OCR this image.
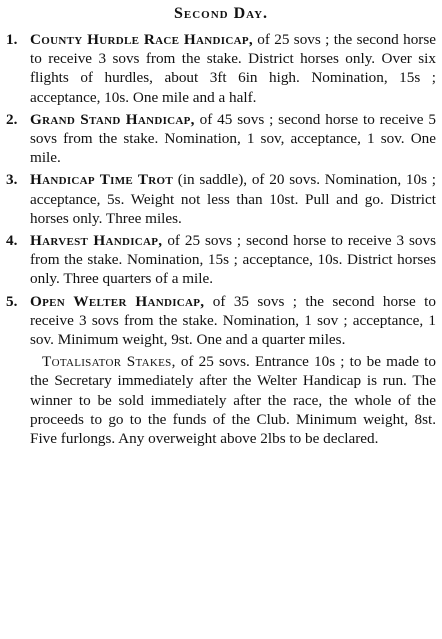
Second Day.

1. County Hurdle Race Handicap, of 25 sovs ; the second horse to receive 3 sovs from the stake. District horses only. Over six flights of hurdles, about 3ft 6in high. Nomination, 15s ; acceptance, 10s. One mile and a half.

2. Grand Stand Handicap, of 45 sovs ; second horse to receive 5 sovs from the stake. Nomination, 1 sov, acceptance, 1 sov. One mile.

3. Handicap Time Trot (in saddle), of 20 sovs. Nomination, 10s ; acceptance, 5s. Weight not less than 10st. Pull and go. District horses only. Three miles.

4. Harvest Handicap, of 25 sovs ; second horse to receive 3 sovs from the stake. Nomination, 15s ; acceptance, 10s. District horses only. Three quarters of a mile.

5. Open Welter Handicap, of 35 sovs ; the second horse to receive 3 sovs from the stake. Nomination, 1 sov ; acceptance, 1 sov. Minimum weight, 9st. One and a quarter miles.

Totalisator Stakes, of 25 sovs. Entrance 10s ; to be made to the Secretary immediately after the Welter Handicap is run. The winner to be sold immediately after the race, the whole of the proceeds to go to the funds of the Club. Minimum weight, 8st. Five furlongs. Any overweight above 2lbs to be declared.
